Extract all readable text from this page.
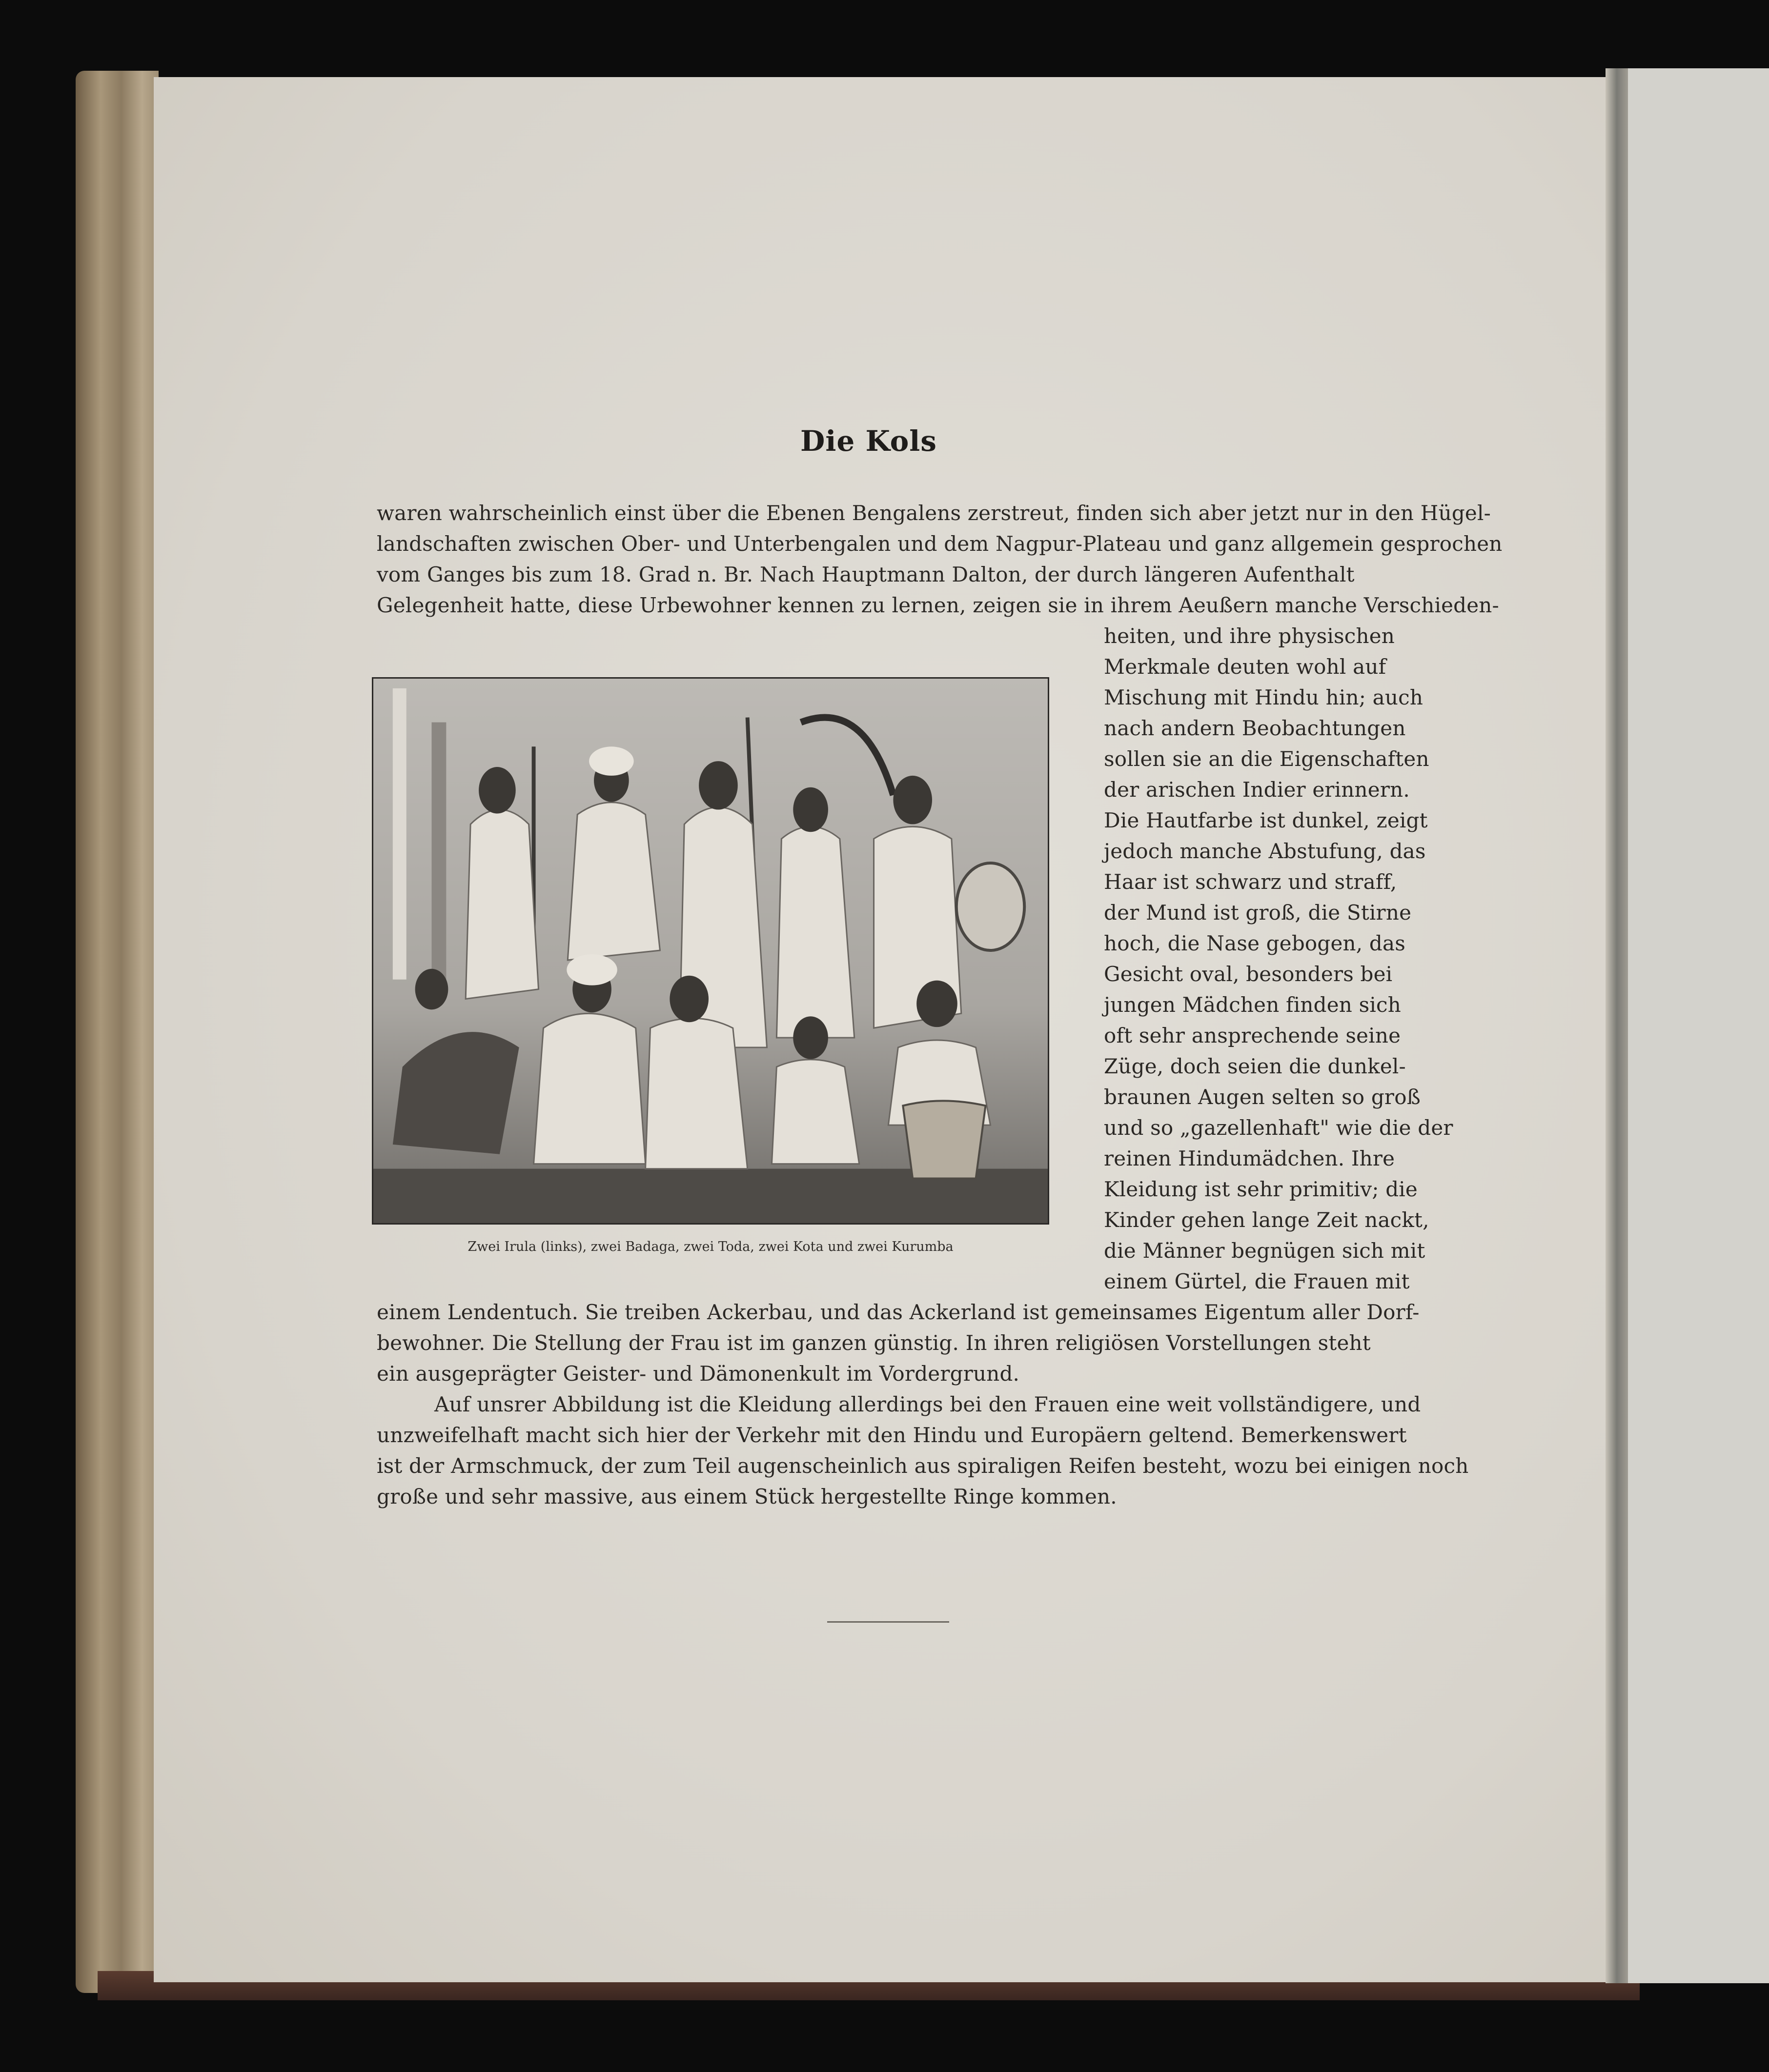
Die Kols
waren wahrscheinlich einst über die Ebenen Bengalens zerstreut, finden sich aber jetzt nur in den Hügel-
landschaften zwischen Ober- und Unterbengalen und dem Nagpur-Plateau und ganz allgemein gesprochen
vom Ganges bis zum 18. Grad n. Br. Nach Hauptmann Dalton, der durch längeren Aufenthalt
Gelegenheit hatte, diese Urbewohner kennen zu lernen, zeigen sie in ihrem Aeußern manche Verschieden-
Zwei Irula (links), zwei Badaga, zwei Toda, zwei Kota und zwei Kurumba
heiten, und ihre physischen
Merkmale deuten wohl auf
Mischung mit Hindu hin; auch
nach andern Beobachtungen
sollen sie an die Eigenschaften
der arischen Indier erinnern.
Die Hautfarbe ist dunkel, zeigt
jedoch manche Abstufung, das
Haar ist schwarz und straff,
der Mund ist groß, die Stirne
hoch, die Nase gebogen, das
Gesicht oval, besonders bei
jungen Mädchen finden sich
oft sehr ansprechende seine
Züge, doch seien die dunkel-
braunen Augen selten so groß
und so „gazellenhaft" wie die der
reinen Hindumädchen. Ihre
Kleidung ist sehr primitiv; die
Kinder gehen lange Zeit nackt,
die Männer begnügen sich mit
einem Gürtel, die Frauen mit
einem Lendentuch. Sie treiben Ackerbau, und das Ackerland ist gemeinsames Eigentum aller Dorf-
bewohner. Die Stellung der Frau ist im ganzen günstig. In ihren religiösen Vorstellungen steht
ein ausgeprägter Geister- und Dämonenkult im Vordergrund.
Auf unsrer Abbildung ist die Kleidung allerdings bei den Frauen eine weit vollständigere, und
unzweifelhaft macht sich hier der Verkehr mit den Hindu und Europäern geltend. Bemerkenswert
ist der Armschmuck, der zum Teil augenscheinlich aus spiraligen Reifen besteht, wozu bei einigen noch
große und sehr massive, aus einem Stück hergestellte Ringe kommen.
